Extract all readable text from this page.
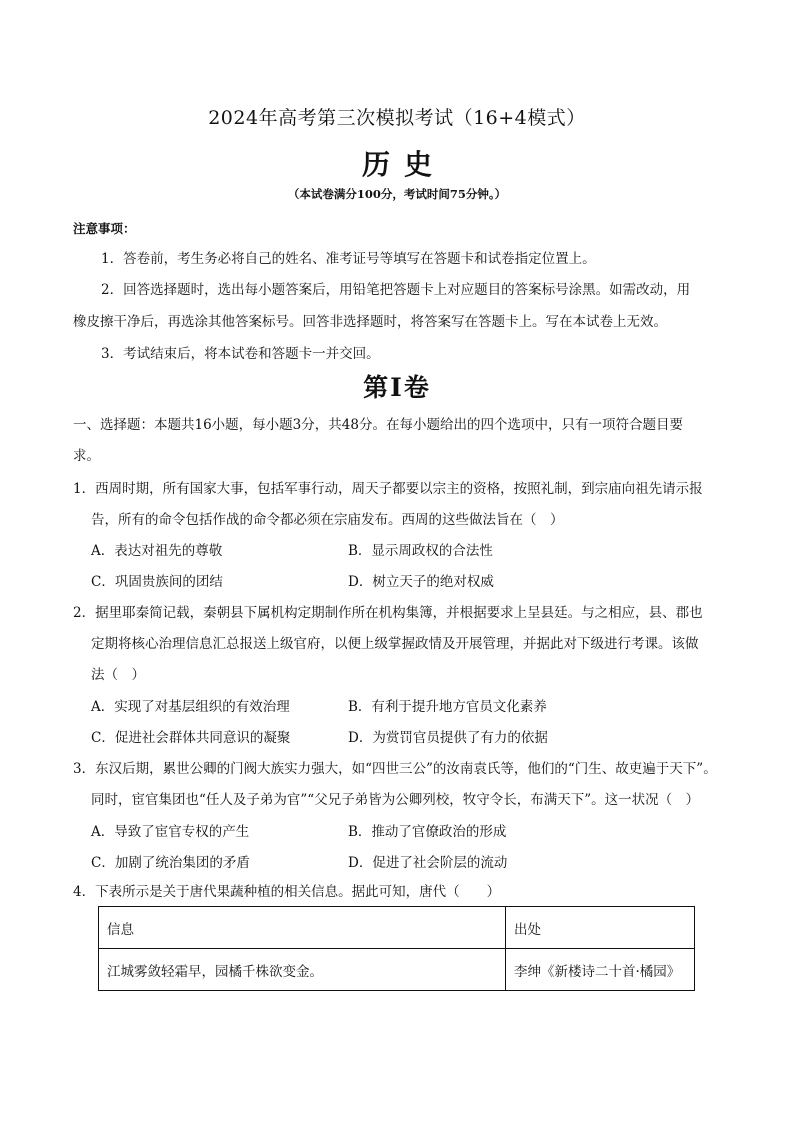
2024年高考第三次模拟考试（16+4模式）
历史
（本试卷满分100分，考试时间75分钟。）
注意事项：
1．答卷前，考生务必将自己的姓名、准考证号等填写在答题卡和试卷指定位置上。
2．回答选择题时，选出每小题答案后，用铅笔把答题卡上对应题目的答案标号涂黑。如需改动，用
橡皮擦干净后，再选涂其他答案标号。回答非选择题时，将答案写在答题卡上。写在本试卷上无效。
3．考试结束后，将本试卷和答题卡一并交回。
第I卷
一、选择题：本题共16小题，每小题3分，共48分。在每小题给出的四个选项中，只有一项符合题目要
求。
1．西周时期，所有国家大事，包括军事行动，周天子都要以宗主的资格，按照礼制，到宗庙向祖先请示报
告，所有的命令包括作战的命令都必须在宗庙发布。西周的这些做法旨在（　）
A．表达对祖先的尊敬	B．显示周政权的合法性
C．巩固贵族间的团结	D．树立天子的绝对权威
2．据里耶秦简记载，秦朝县下属机构定期制作所在机构集簿，并根据要求上呈县廷。与之相应，县、郡也
定期将核心治理信息汇总报送上级官府，以便上级掌握政情及开展管理，并据此对下级进行考课。该做
法（　）
A．实现了对基层组织的有效治理	B．有利于提升地方官员文化素养
C．促进社会群体共同意识的凝聚	D．为赏罚官员提供了有力的依据
3．东汉后期，累世公卿的门阀大族实力强大，如“四世三公”的汝南袁氏等，他们的“门生、故吏遍于天下”。
同时，宦官集团也“任人及子弟为官”“父兄子弟皆为公卿列校，牧守令长，布满天下”。这一状况（　）
A．导致了宦官专权的产生	B．推动了官僚政治的形成
C．加剧了统治集团的矛盾	D．促进了社会阶层的流动
4．下表所示是关于唐代果蔬种植的相关信息。据此可知，唐代（　　）
信息	出处
江城雾敛轻霜早，园橘千株欲变金。	李绅《新楼诗二十首·橘园》
